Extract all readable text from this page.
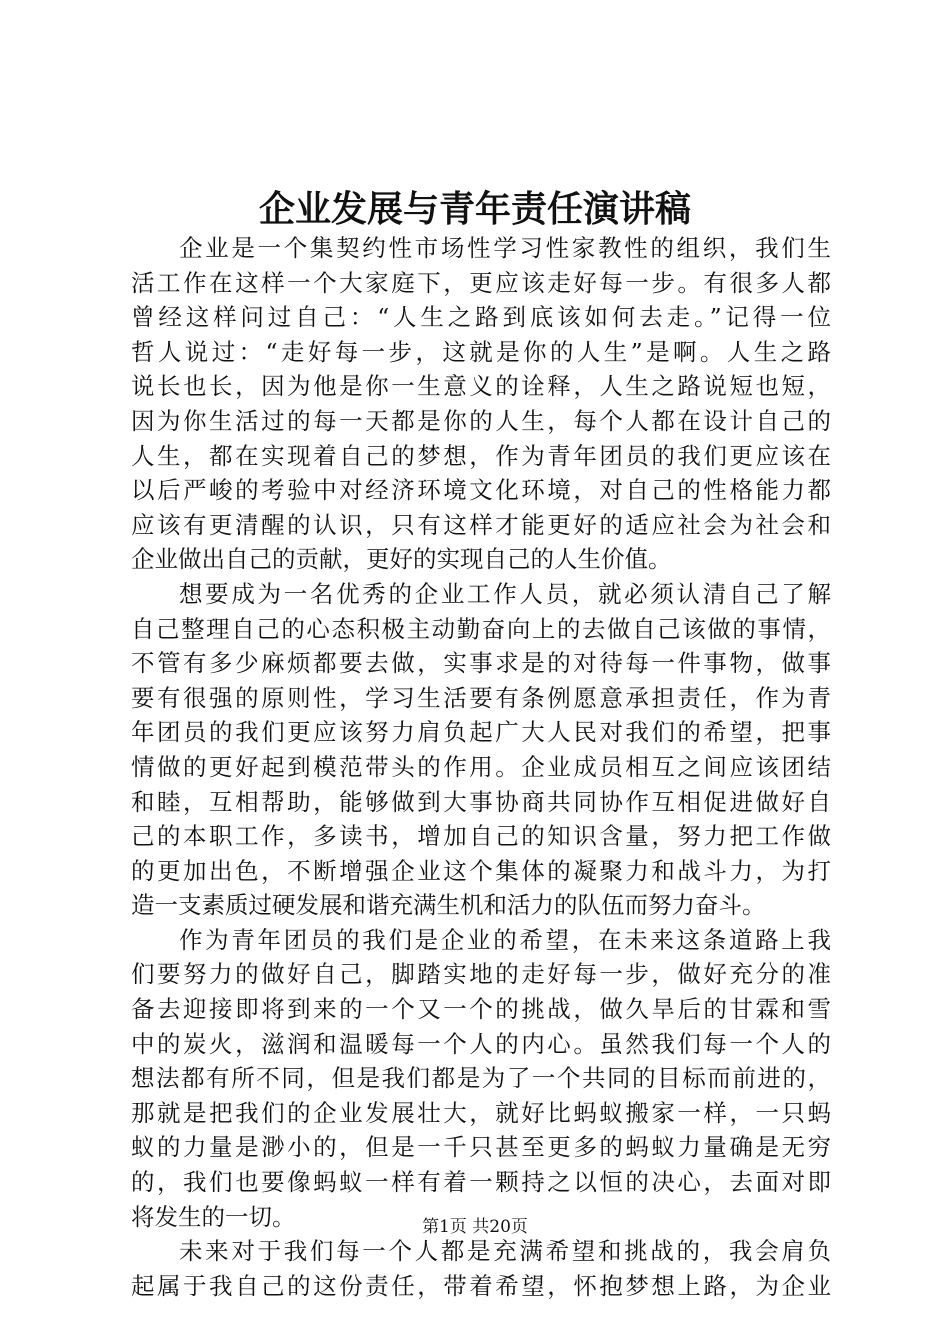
企业发展与青年责任演讲稿
企业是一个集契约性市场性学习性家教性的组织，我们生
活工作在这样一个大家庭下，更应该走好每一步。有很多人都
曾经这样问过自己：“人生之路到底该如何去走。”记得一位
哲人说过：“走好每一步，这就是你的人生”是啊。人生之路
说长也长，因为他是你一生意义的诠释，人生之路说短也短，
因为你生活过的每一天都是你的人生，每个人都在设计自己的
人生，都在实现着自己的梦想，作为青年团员的我们更应该在
以后严峻的考验中对经济环境文化环境，对自己的性格能力都
应该有更清醒的认识，只有这样才能更好的适应社会为社会和
企业做出自己的贡献，更好的实现自己的人生价值。
想要成为一名优秀的企业工作人员，就必须认清自己了解
自己整理自己的心态积极主动勤奋向上的去做自己该做的事情，
不管有多少麻烦都要去做，实事求是的对待每一件事物，做事
要有很强的原则性，学习生活要有条例愿意承担责任，作为青
年团员的我们更应该努力肩负起广大人民对我们的希望，把事
情做的更好起到模范带头的作用。企业成员相互之间应该团结
和睦，互相帮助，能够做到大事协商共同协作互相促进做好自
己的本职工作，多读书，增加自己的知识含量，努力把工作做
的更加出色，不断增强企业这个集体的凝聚力和战斗力，为打
造一支素质过硬发展和谐充满生机和活力的队伍而努力奋斗。
作为青年团员的我们是企业的希望，在未来这条道路上我
们要努力的做好自己，脚踏实地的走好每一步，做好充分的准
备去迎接即将到来的一个又一个的挑战，做久旱后的甘霖和雪
中的炭火，滋润和温暖每一个人的内心。虽然我们每一个人的
想法都有所不同，但是我们都是为了一个共同的目标而前进的，
那就是把我们的企业发展壮大，就好比蚂蚁搬家一样，一只蚂
蚁的力量是渺小的，但是一千只甚至更多的蚂蚁力量确是无穷
的，我们也要像蚂蚁一样有着一颗持之以恒的决心，去面对即
将发生的一切。
未来对于我们每一个人都是充满希望和挑战的，我会肩负
起属于我自己的这份责任，带着希望，怀抱梦想上路，为企业
第1页 共20页
